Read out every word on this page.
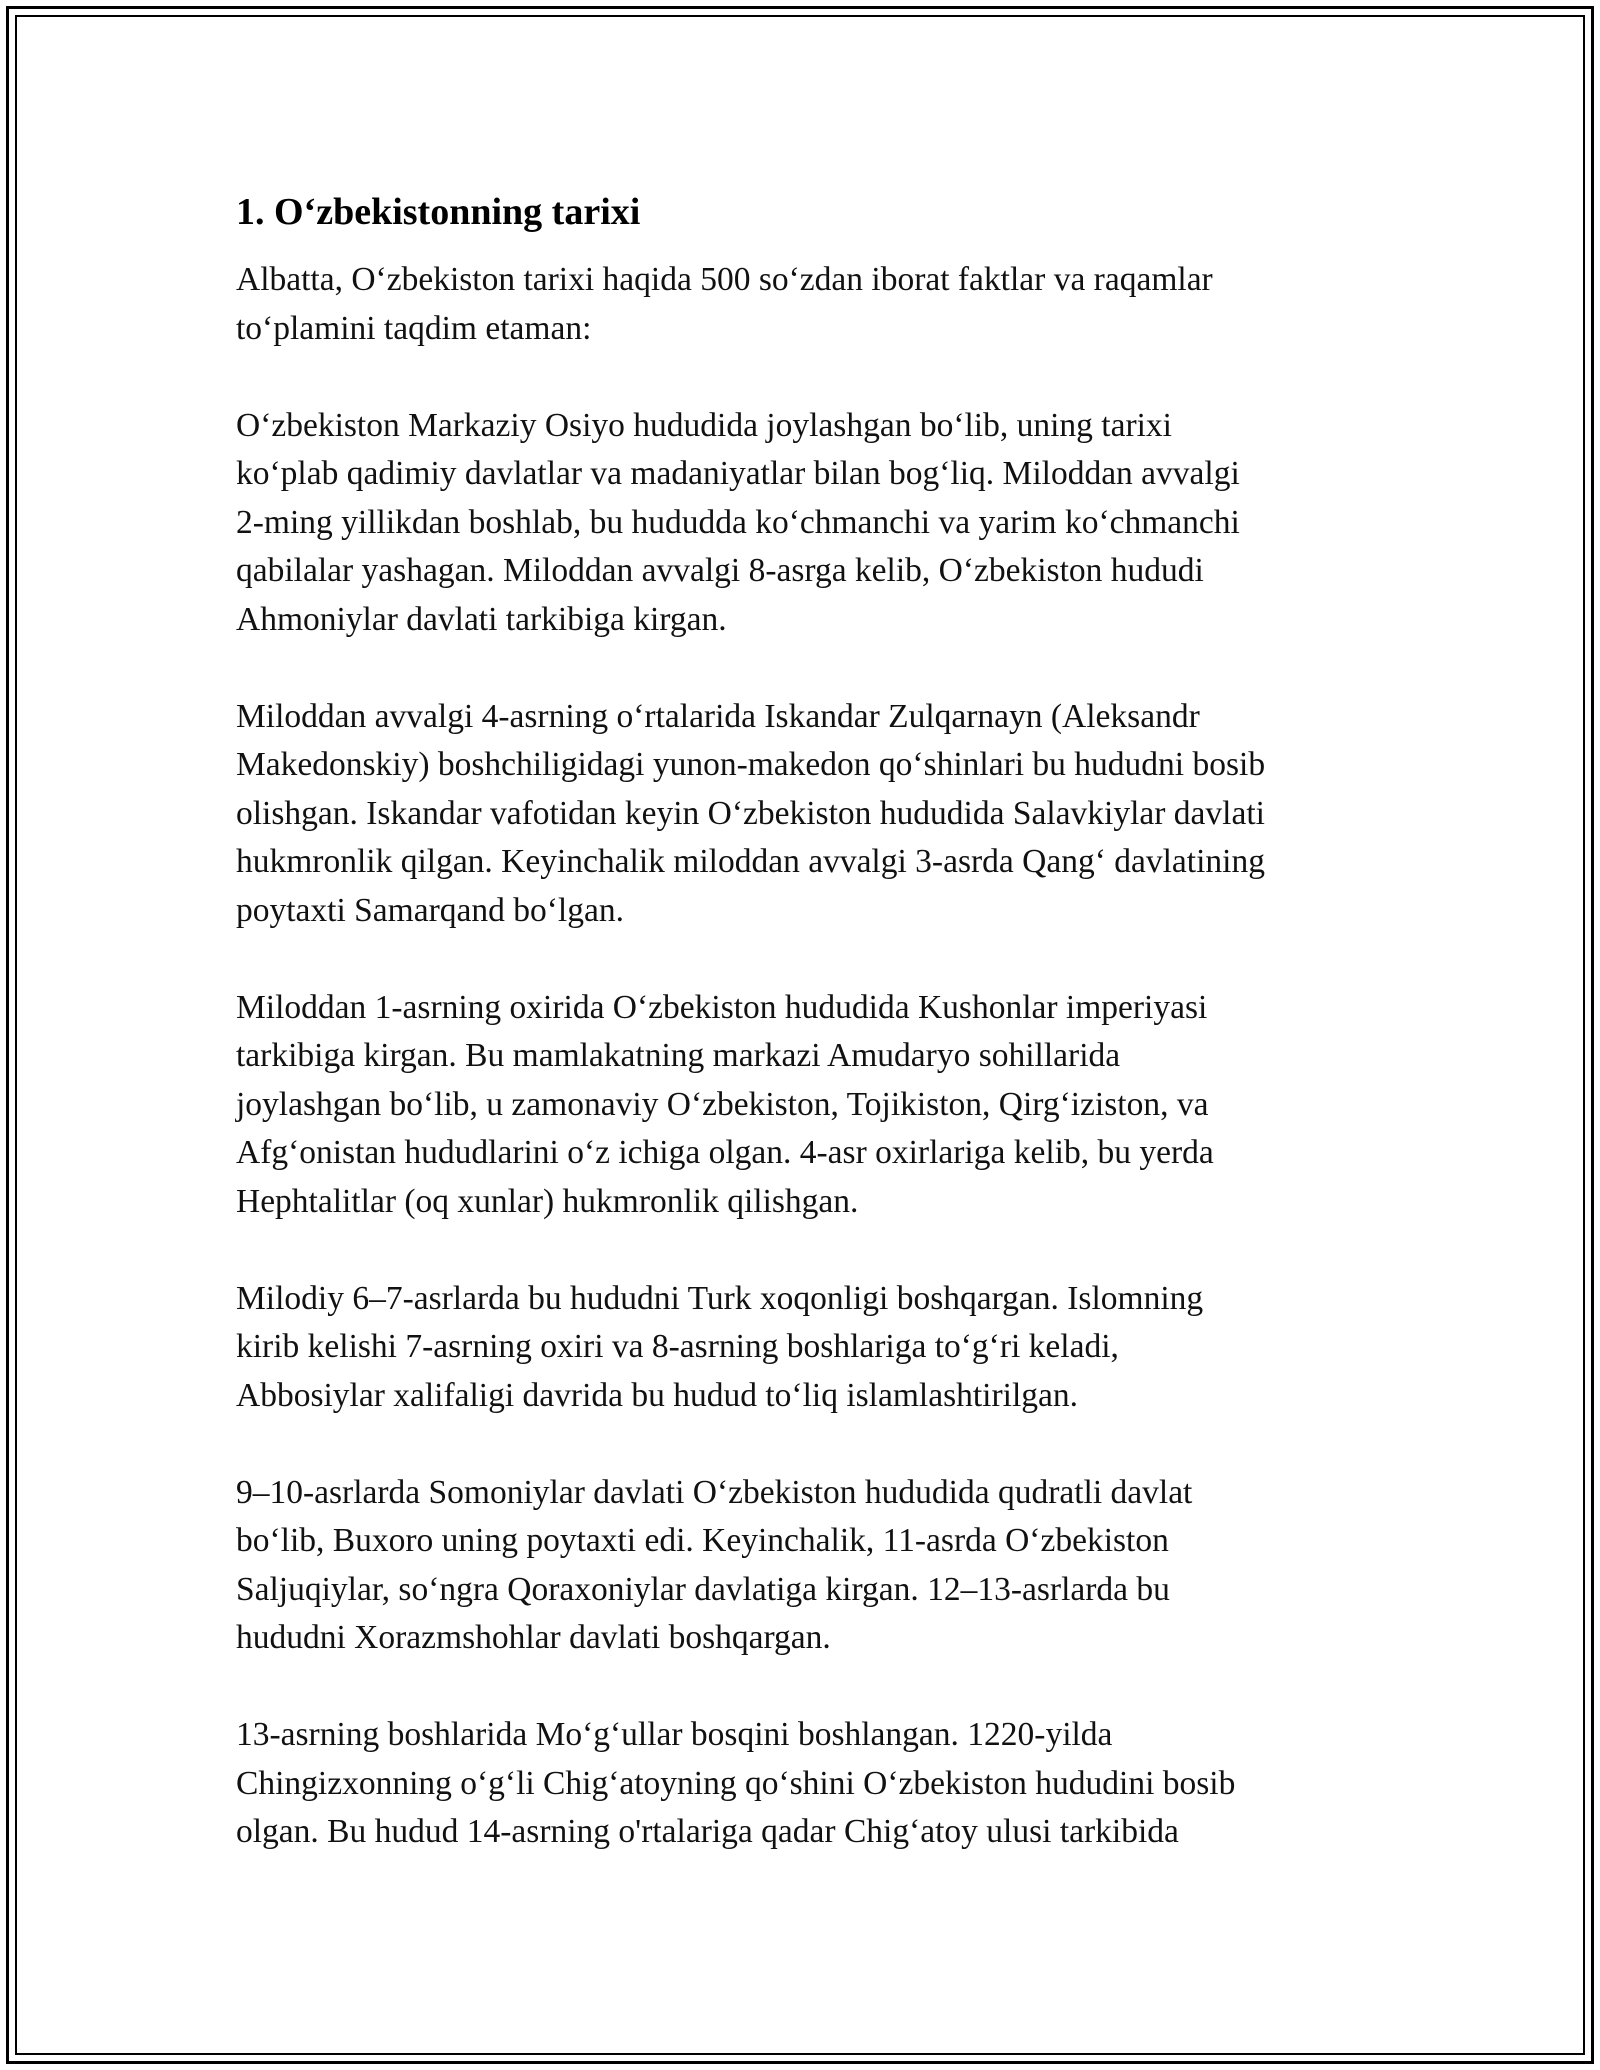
1. O‘zbekistonning tarixi

Albatta, O‘zbekiston tarixi haqida 500 so‘zdan iborat faktlar va raqamlar
to‘plamini taqdim etaman:

O‘zbekiston Markaziy Osiyo hududida joylashgan bo‘lib, uning tarixi
ko‘plab qadimiy davlatlar va madaniyatlar bilan bog‘liq. Miloddan avvalgi
2-ming yillikdan boshlab, bu hududda ko‘chmanchi va yarim ko‘chmanchi
qabilalar yashagan. Miloddan avvalgi 8-asrga kelib, O‘zbekiston hududi
Ahmoniylar davlati tarkibiga kirgan.

Miloddan avvalgi 4-asrning o‘rtalarida Iskandar Zulqarnayn (Aleksandr
Makedonskiy) boshchiligidagi yunon-makedon qo‘shinlari bu hududni bosib
olishgan. Iskandar vafotidan keyin O‘zbekiston hududida Salavkiylar davlati
hukmronlik qilgan. Keyinchalik miloddan avvalgi 3-asrda Qang‘ davlatining
poytaxti Samarqand bo‘lgan.

Miloddan 1-asrning oxirida O‘zbekiston hududida Kushonlar imperiyasi
tarkibiga kirgan. Bu mamlakatning markazi Amudaryo sohillarida
joylashgan bo‘lib, u zamonaviy O‘zbekiston, Tojikiston, Qirg‘iziston, va
Afg‘onistan hududlarini o‘z ichiga olgan. 4-asr oxirlariga kelib, bu yerda
Hephtalitlar (oq xunlar) hukmronlik qilishgan.

Milodiy 6–7-asrlarda bu hududni Turk xoqonligi boshqargan. Islomning
kirib kelishi 7-asrning oxiri va 8-asrning boshlariga to‘g‘ri keladi,
Abbosiylar xalifaligi davrida bu hudud to‘liq islamlashtirilgan.

9–10-asrlarda Somoniylar davlati O‘zbekiston hududida qudratli davlat
bo‘lib, Buxoro uning poytaxti edi. Keyinchalik, 11-asrda O‘zbekiston
Saljuqiylar, so‘ngra Qoraxoniylar davlatiga kirgan. 12–13-asrlarda bu
hududni Xorazmshohlar davlati boshqargan.

13-asrning boshlarida Mo‘g‘ullar bosqini boshlangan. 1220-yilda
Chingizxonning o‘g‘li Chig‘atoyning qo‘shini O‘zbekiston hududini bosib
olgan. Bu hudud 14-asrning o'rtalariga qadar Chig‘atoy ulusi tarkibida
